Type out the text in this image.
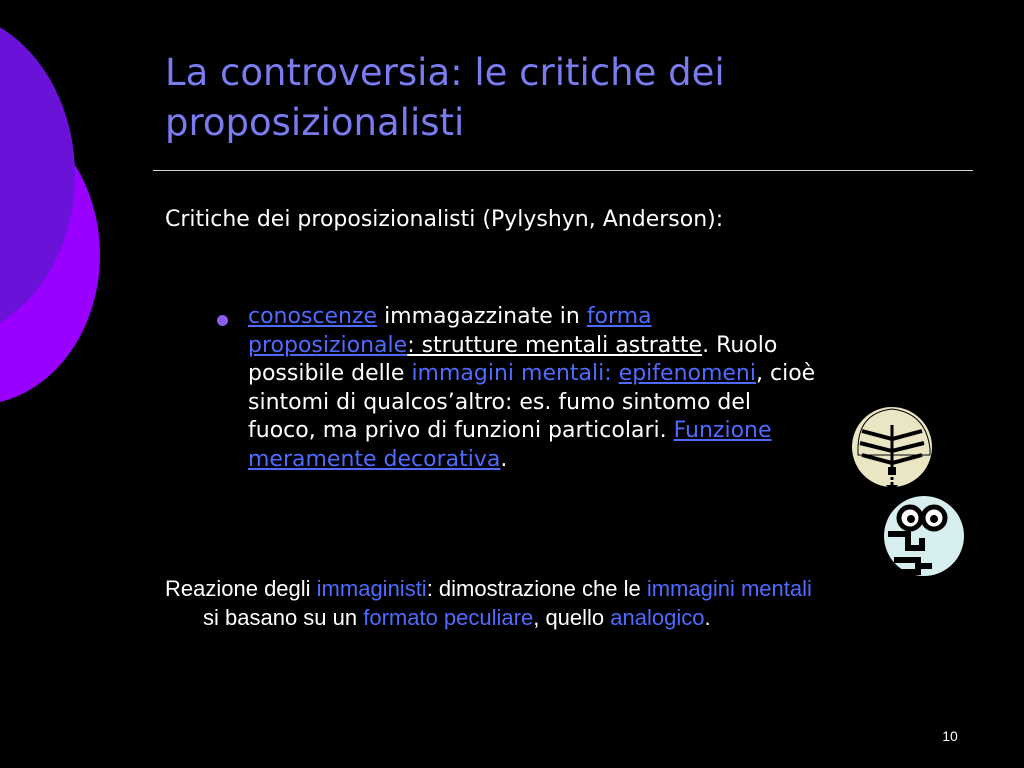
La controversia: le critiche dei proposizionalisti
Critiche dei proposizionalisti (Pylyshyn, Anderson):
conoscenze immagazzinate in forma proposizionale: strutture mentali astratte. Ruolo possibile delle immagini mentali: epifenomeni, cioè sintomi di qualcos’altro: es. fumo sintomo del fuoco, ma privo di funzioni particolari. Funzione meramente decorativa.
Reazione degli immaginisti: dimostrazione che le immagini mentali si basano su un formato peculiare, quello analogico.
10
